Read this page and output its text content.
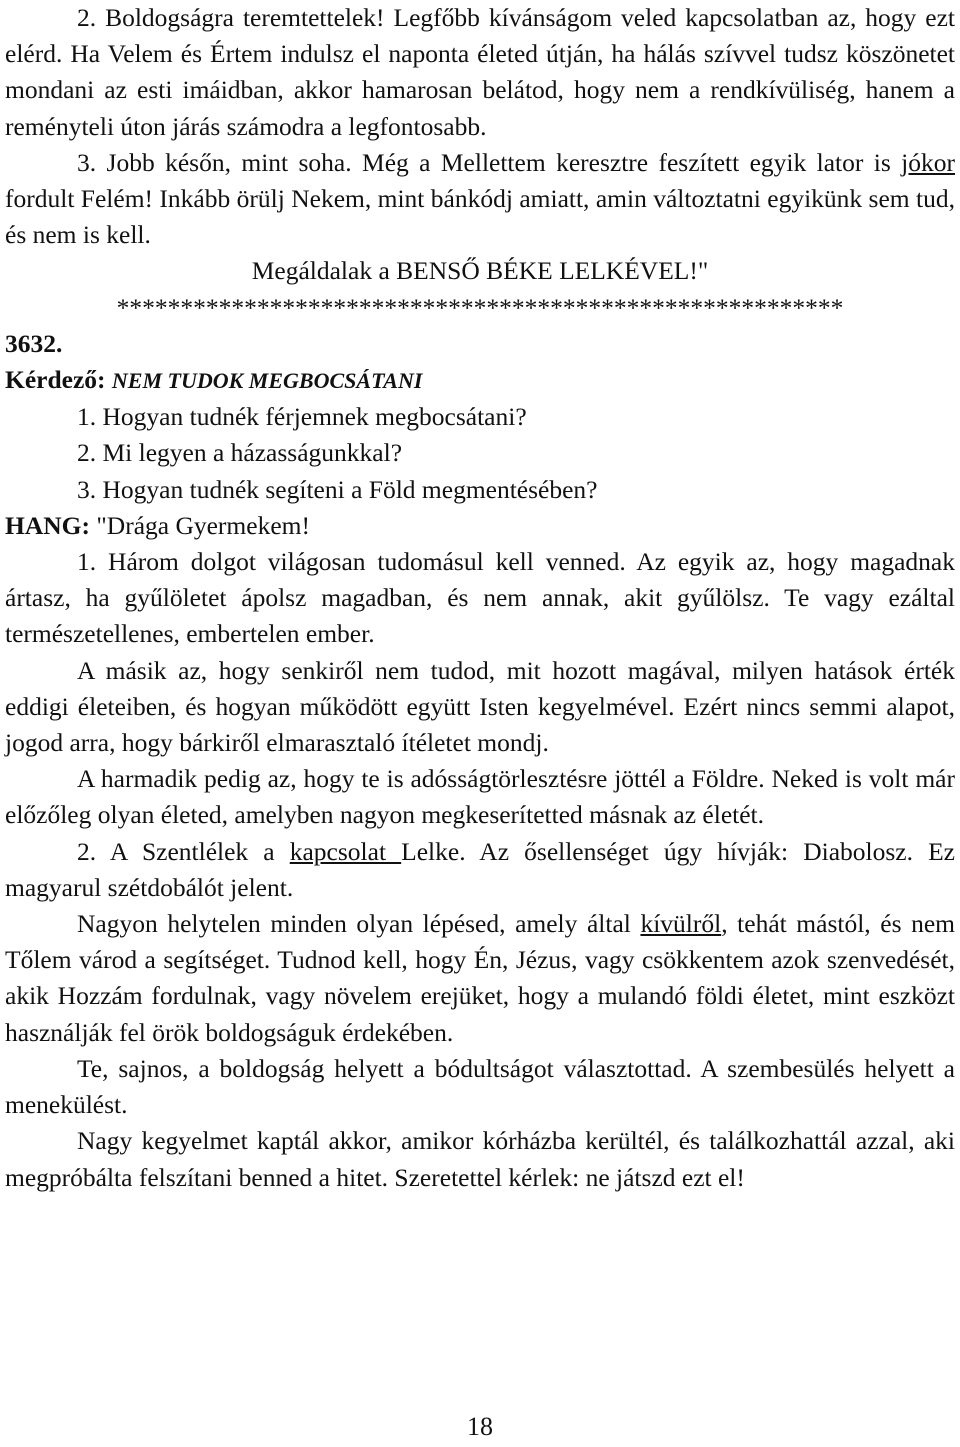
2. Boldogságra teremtettelek! Legfőbb kívánságom veled kapcsolatban az, hogy ezt elérd. Ha Velem és Értem indulsz el naponta életed útján, ha hálás szívvel tudsz köszönetet mondani az esti imáidban, akkor hamarosan belátod, hogy nem a rendkívüliség, hanem a reményteli úton járás számodra a legfontosabb.

3. Jobb későn, mint soha. Még a Mellettem keresztre feszített egyik lator is jókor fordult Felém! Inkább örülj Nekem, mint bánkódj amiatt, amin változtatni egyikünk sem tud, és nem is kell.

Megáldalak a BENSŐ BÉKE LELKÉVEL!"

*********************************************************

3632.

Kérdező: NEM TUDOK MEGBOCSÁTANI

1. Hogyan tudnék férjemnek megbocsátani?

2. Mi legyen a házasságunkkal?

3. Hogyan tudnék segíteni a Föld megmentésében?

HANG: "Drága Gyermekem!

1. Három dolgot világosan tudomásul kell venned. Az egyik az, hogy magadnak ártasz, ha gyűlöletet ápolsz magadban, és nem annak, akit gyűlölsz. Te vagy ezáltal természetellenes, embertelen ember.

A másik az, hogy senkiről nem tudod, mit hozott magával, milyen hatások érték eddigi életeiben, és hogyan működött együtt Isten kegyelmével. Ezért nincs semmi alapot, jogod arra, hogy bárkiről elmarasztaló ítéletet mondj.

A harmadik pedig az, hogy te is adósságtörlesztésre jöttél a Földre. Neked is volt már előzőleg olyan életed, amelyben nagyon megkeserítetted másnak az életét.

2. A Szentlélek a kapcsolat Lelke. Az ősellenséget úgy hívják: Diabolosz. Ez magyarul szétdobálót jelent.

Nagyon helytelen minden olyan lépésed, amely által kívülről, tehát mástól, és nem Tőlem várod a segítséget. Tudnod kell, hogy Én, Jézus, vagy csökkentem azok szenvedését, akik Hozzám fordulnak, vagy növelem erejüket, hogy a mulandó földi életet, mint eszközt használják fel örök boldogságuk érdekében.

Te, sajnos, a boldogság helyett a bódultságot választottad. A szembesülés helyett a menekülést.

Nagy kegyelmet kaptál akkor, amikor kórházba kerültél, és találkozhattál azzal, aki megpróbálta felszítani benned a hitet. Szeretettel kérlek: ne játszd ezt el!

18
